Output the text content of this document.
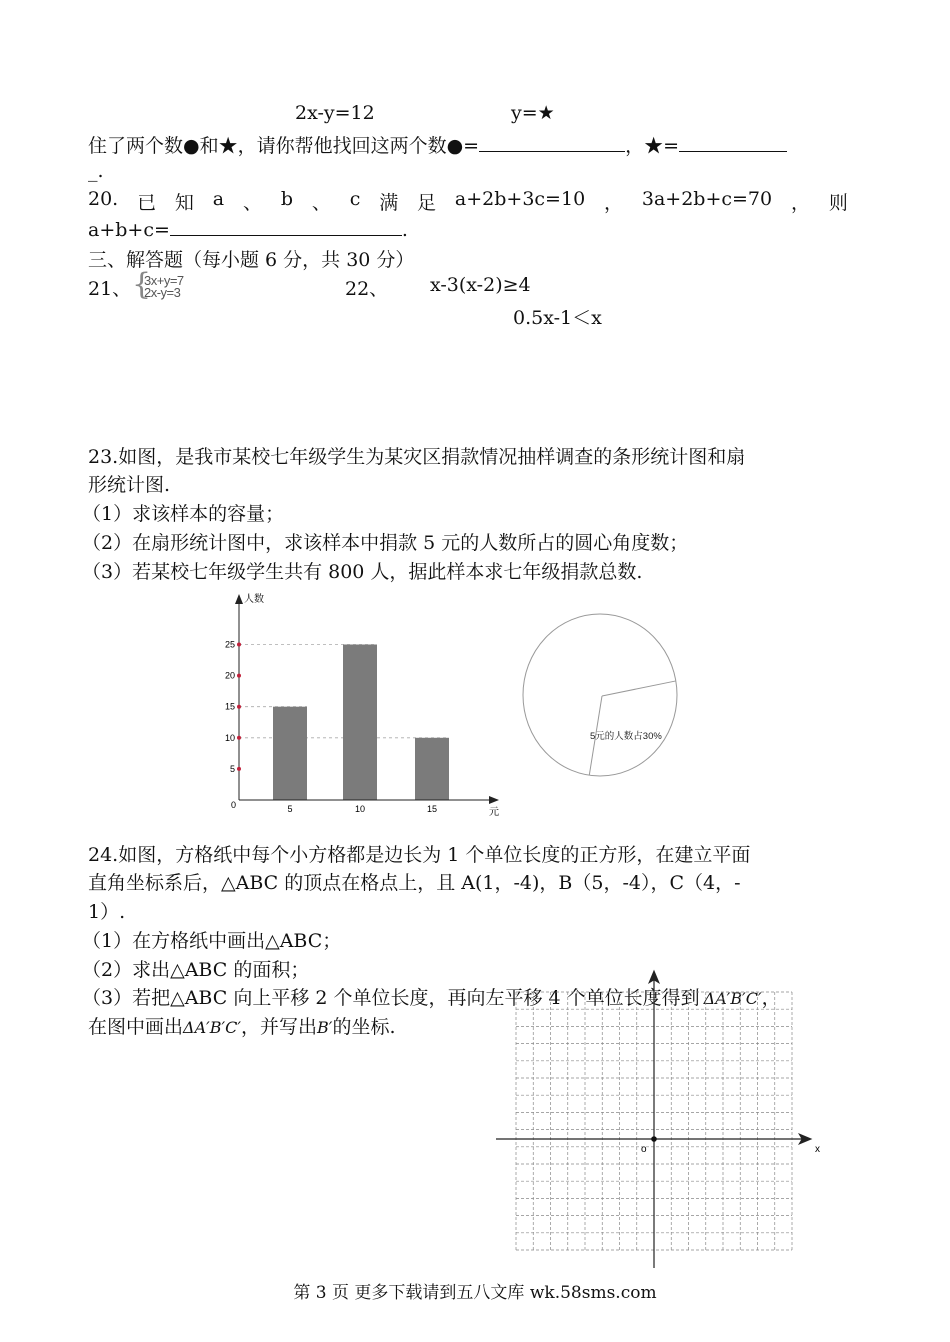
2x-y=12	y=★
住了两个数●和★，请你帮他找回这两个数●=	，★=
_.
20. 已 知 a 、 b 、 c 满 足 a+2b+3c=10 ， 3a+2b+c=70 ， 则
a+b+c=	.
三、解答题（每小题 6 分，共 30 分）
21、 {
3x+y=7
2x-y=3	22、 x-3(x-2)≥4
0.5x-1＜x
23.如图，是我市某校七年级学生为某灾区捐款情况抽样调查的条形统计图和扇
形统计图.
（1）求该样本的容量；
（2）在扇形统计图中，求该样本中捐款 5 元的人数所占的圆心角度数；
（3）若某校七年级学生共有 800 人，据此样本求七年级捐款总数.
5
10
15
20
25
5	10	15
人数
元
0
5元的人数占30%
24.如图，方格纸中每个小方格都是边长为 1 个单位长度的正方形，在建立平面
直角坐标系后，△ABC 的顶点在格点上，且 A(1，-4)，B（5，-4），C（4，-
1）.
（1）在方格纸中画出△ABC；
（2）求出△ABC 的面积；
（3）若把△ABC 向上平移 2 个单位长度，再向左平移 4 个单位长度得到 ΔA′B′C′，
在图中画出ΔA′B′C′，并写出B′的坐标.
o	x
第 3 页 更多下载请到五八文库 wk.58sms.com
